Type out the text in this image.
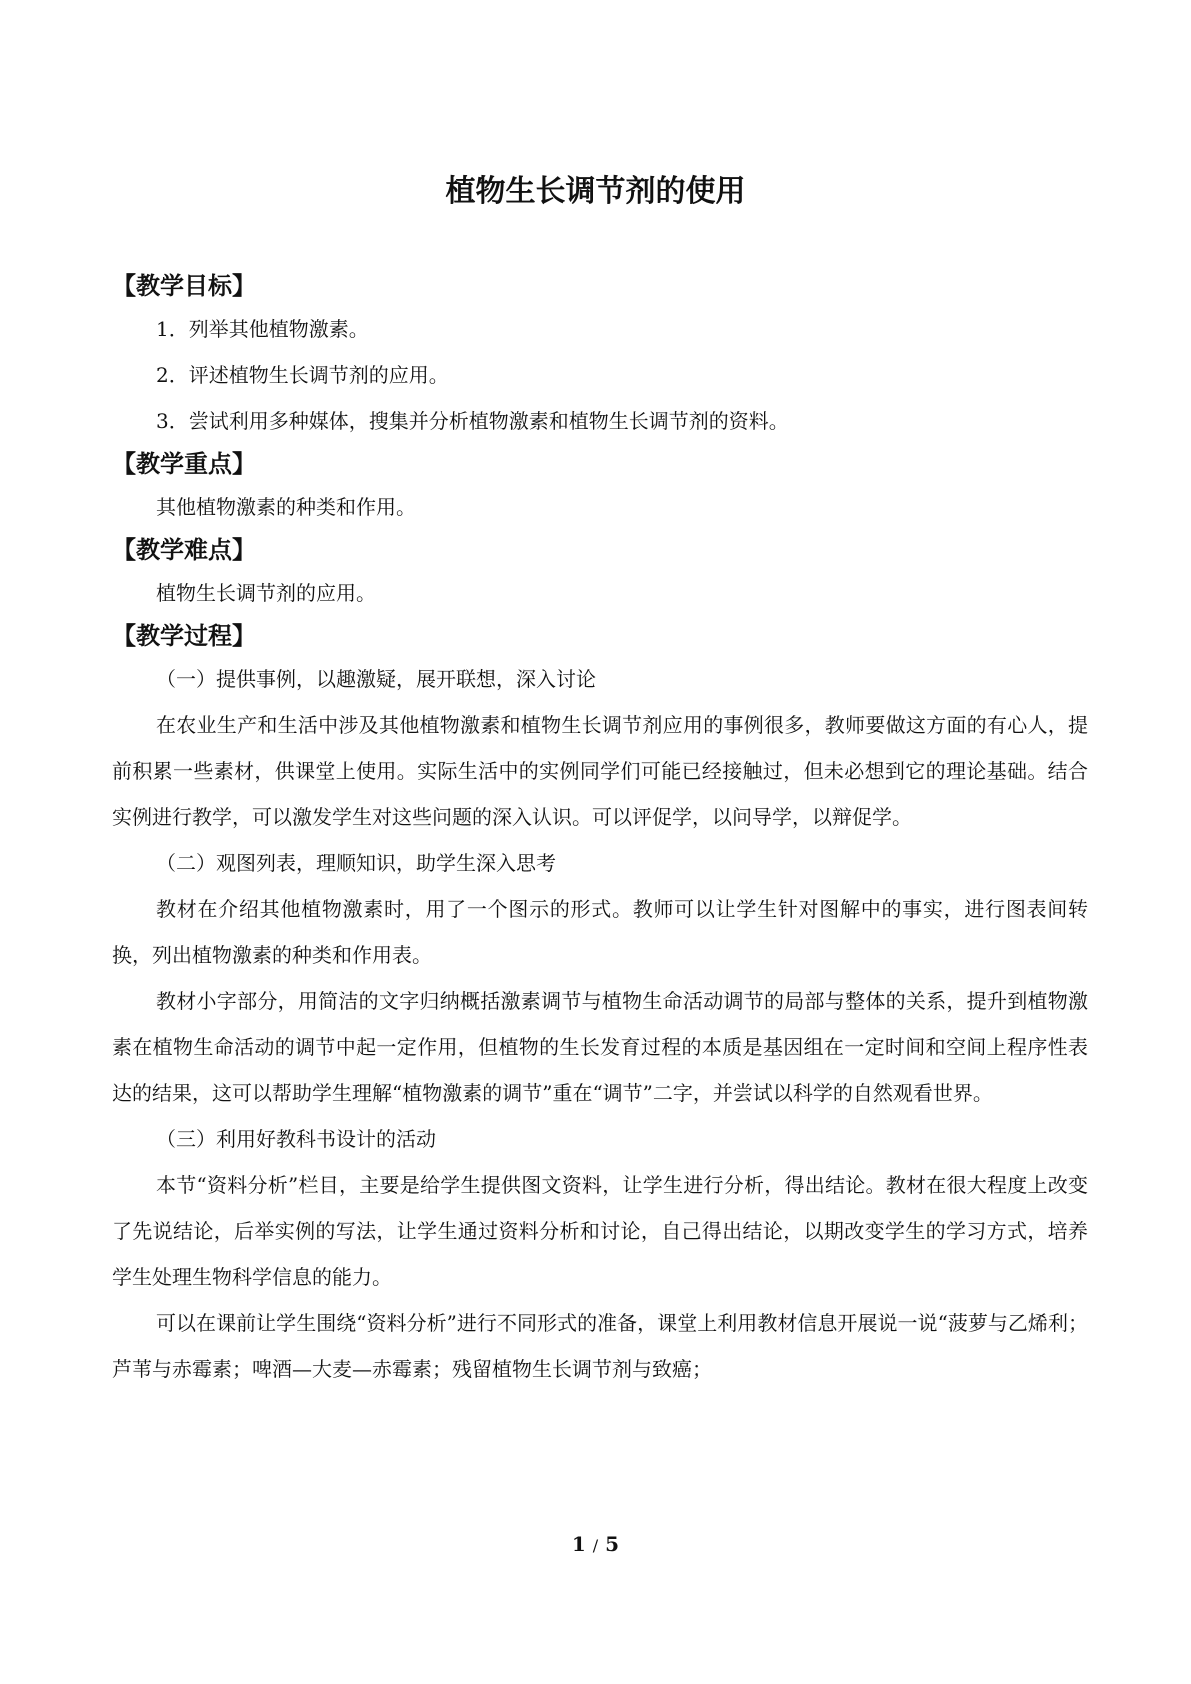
植物生长调节剂的使用

【教学目标】

1．列举其他植物激素。

2．评述植物生长调节剂的应用。

3．尝试利用多种媒体，搜集并分析植物激素和植物生长调节剂的资料。

【教学重点】

其他植物激素的种类和作用。

【教学难点】

植物生长调节剂的应用。

【教学过程】

（一）提供事例，以趣激疑，展开联想，深入讨论

在农业生产和生活中涉及其他植物激素和植物生长调节剂应用的事例很多，教师要做这方面的有心人，提前积累一些素材，供课堂上使用。实际生活中的实例同学们可能已经接触过，但未必想到它的理论基础。结合实例进行教学，可以激发学生对这些问题的深入认识。可以评促学，以问导学，以辩促学。

（二）观图列表，理顺知识，助学生深入思考

教材在介绍其他植物激素时，用了一个图示的形式。教师可以让学生针对图解中的事实，进行图表间转换，列出植物激素的种类和作用表。

教材小字部分，用简洁的文字归纳概括激素调节与植物生命活动调节的局部与整体的关系，提升到植物激素在植物生命活动的调节中起一定作用，但植物的生长发育过程的本质是基因组在一定时间和空间上程序性表达的结果，这可以帮助学生理解“植物激素的调节”重在“调节”二字，并尝试以科学的自然观看世界。

（三）利用好教科书设计的活动

本节“资料分析”栏目，主要是给学生提供图文资料，让学生进行分析，得出结论。教材在很大程度上改变了先说结论，后举实例的写法，让学生通过资料分析和讨论，自己得出结论，以期改变学生的学习方式，培养学生处理生物科学信息的能力。

可以在课前让学生围绕“资料分析”进行不同形式的准备，课堂上利用教材信息开展说一说“菠萝与乙烯利；芦苇与赤霉素；啤酒—大麦—赤霉素；残留植物生长调节剂与致癌；

1 / 5
